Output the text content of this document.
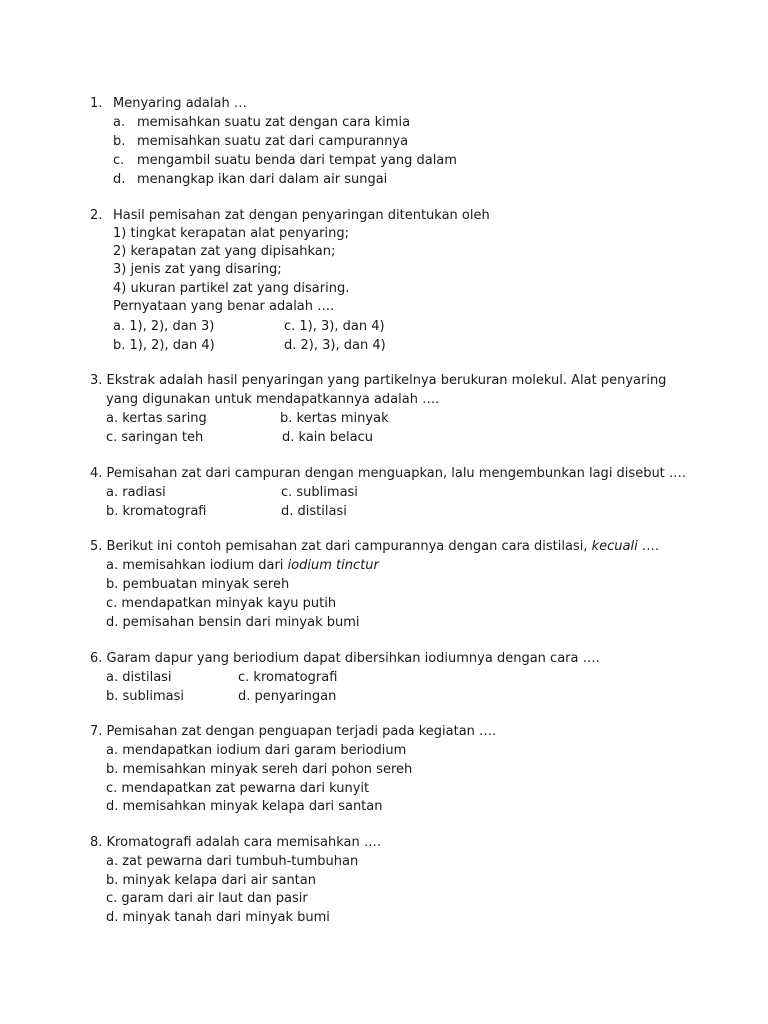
1. Menyaring adalah …
a. memisahkan suatu zat dengan cara kimia
b. memisahkan suatu zat dari campurannya
c. mengambil suatu benda dari tempat yang dalam
d. menangkap ikan dari dalam air sungai
2. Hasil pemisahan zat dengan penyaringan ditentukan oleh
1) tingkat kerapatan alat penyaring;
2) kerapatan zat yang dipisahkan;
3) jenis zat yang disaring;
4) ukuran partikel zat yang disaring.
Pernyataan yang benar adalah ….
a. 1), 2), dan 3)	c. 1), 3), dan 4)
b. 1), 2), dan 4)	d. 2), 3), dan 4)
3. Ekstrak adalah hasil penyaringan yang partikelnya berukuran molekul. Alat penyaring
yang digunakan untuk mendapatkannya adalah ….
a. kertas saring	b. kertas minyak
c. saringan teh	d. kain belacu
4. Pemisahan zat dari campuran dengan menguapkan, lalu mengembunkan lagi disebut ….
a. radiasi	c. sublimasi
b. kromatografi	d. distilasi
5. Berikut ini contoh pemisahan zat dari campurannya dengan cara distilasi, kecuali ….
a. memisahkan iodium dari iodium tinctur
b. pembuatan minyak sereh
c. mendapatkan minyak kayu putih
d. pemisahan bensin dari minyak bumi
6. Garam dapur yang beriodium dapat dibersihkan iodiumnya dengan cara ….
a. distilasi	c. kromatografi
b. sublimasi	d. penyaringan
7. Pemisahan zat dengan penguapan terjadi pada kegiatan ….
a. mendapatkan iodium dari garam beriodium
b. memisahkan minyak sereh dari pohon sereh
c. mendapatkan zat pewarna dari kunyit
d. memisahkan minyak kelapa dari santan
8. Kromatografi adalah cara memisahkan ….
a. zat pewarna dari tumbuh-tumbuhan
b. minyak kelapa dari air santan
c. garam dari air laut dan pasir
d. minyak tanah dari minyak bumi
